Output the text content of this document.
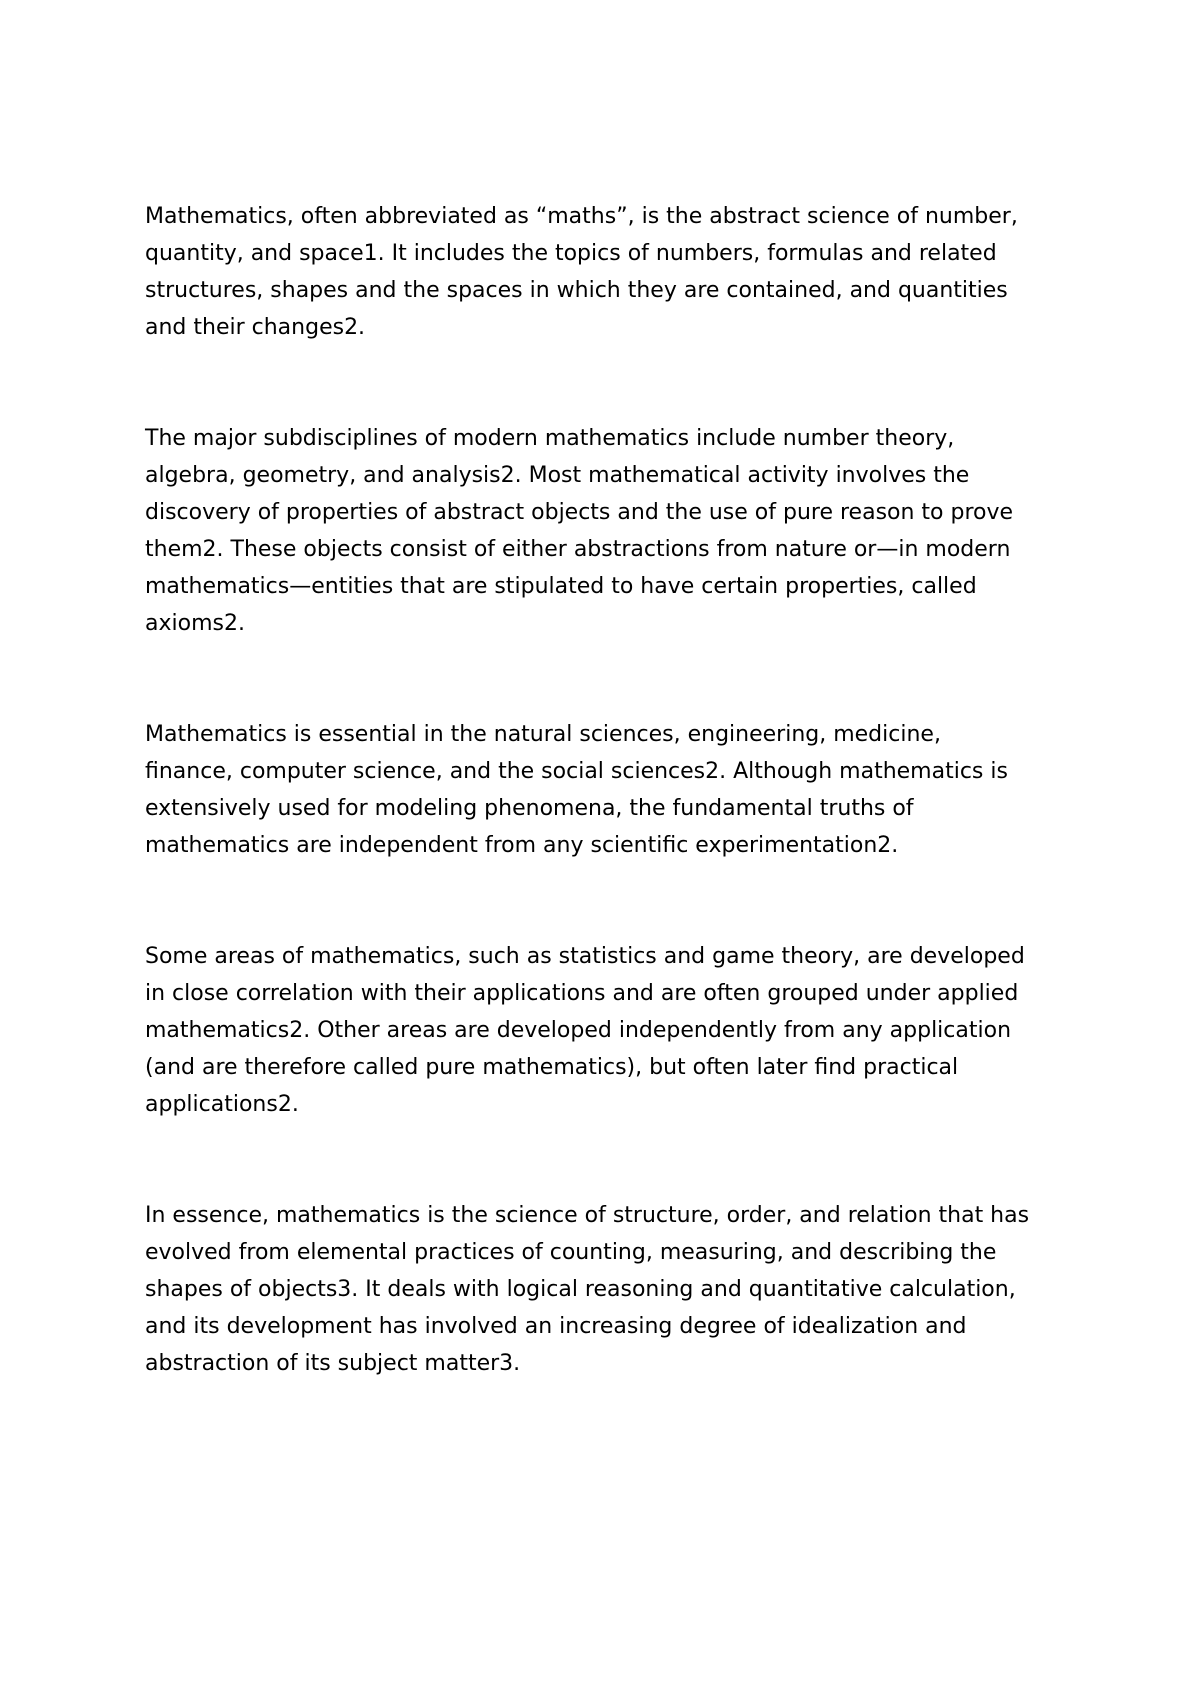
Mathematics, often abbreviated as “maths”, is the abstract science of number,
quantity, and space1. It includes the topics of numbers, formulas and related
structures, shapes and the spaces in which they are contained, and quantities
and their changes2.

The major subdisciplines of modern mathematics include number theory,
algebra, geometry, and analysis2. Most mathematical activity involves the
discovery of properties of abstract objects and the use of pure reason to prove
them2. These objects consist of either abstractions from nature or—in modern
mathematics—entities that are stipulated to have certain properties, called
axioms2.

Mathematics is essential in the natural sciences, engineering, medicine,
finance, computer science, and the social sciences2. Although mathematics is
extensively used for modeling phenomena, the fundamental truths of
mathematics are independent from any scientific experimentation2.

Some areas of mathematics, such as statistics and game theory, are developed
in close correlation with their applications and are often grouped under applied
mathematics2. Other areas are developed independently from any application
(and are therefore called pure mathematics), but often later find practical
applications2.

In essence, mathematics is the science of structure, order, and relation that has
evolved from elemental practices of counting, measuring, and describing the
shapes of objects3. It deals with logical reasoning and quantitative calculation,
and its development has involved an increasing degree of idealization and
abstraction of its subject matter3.
